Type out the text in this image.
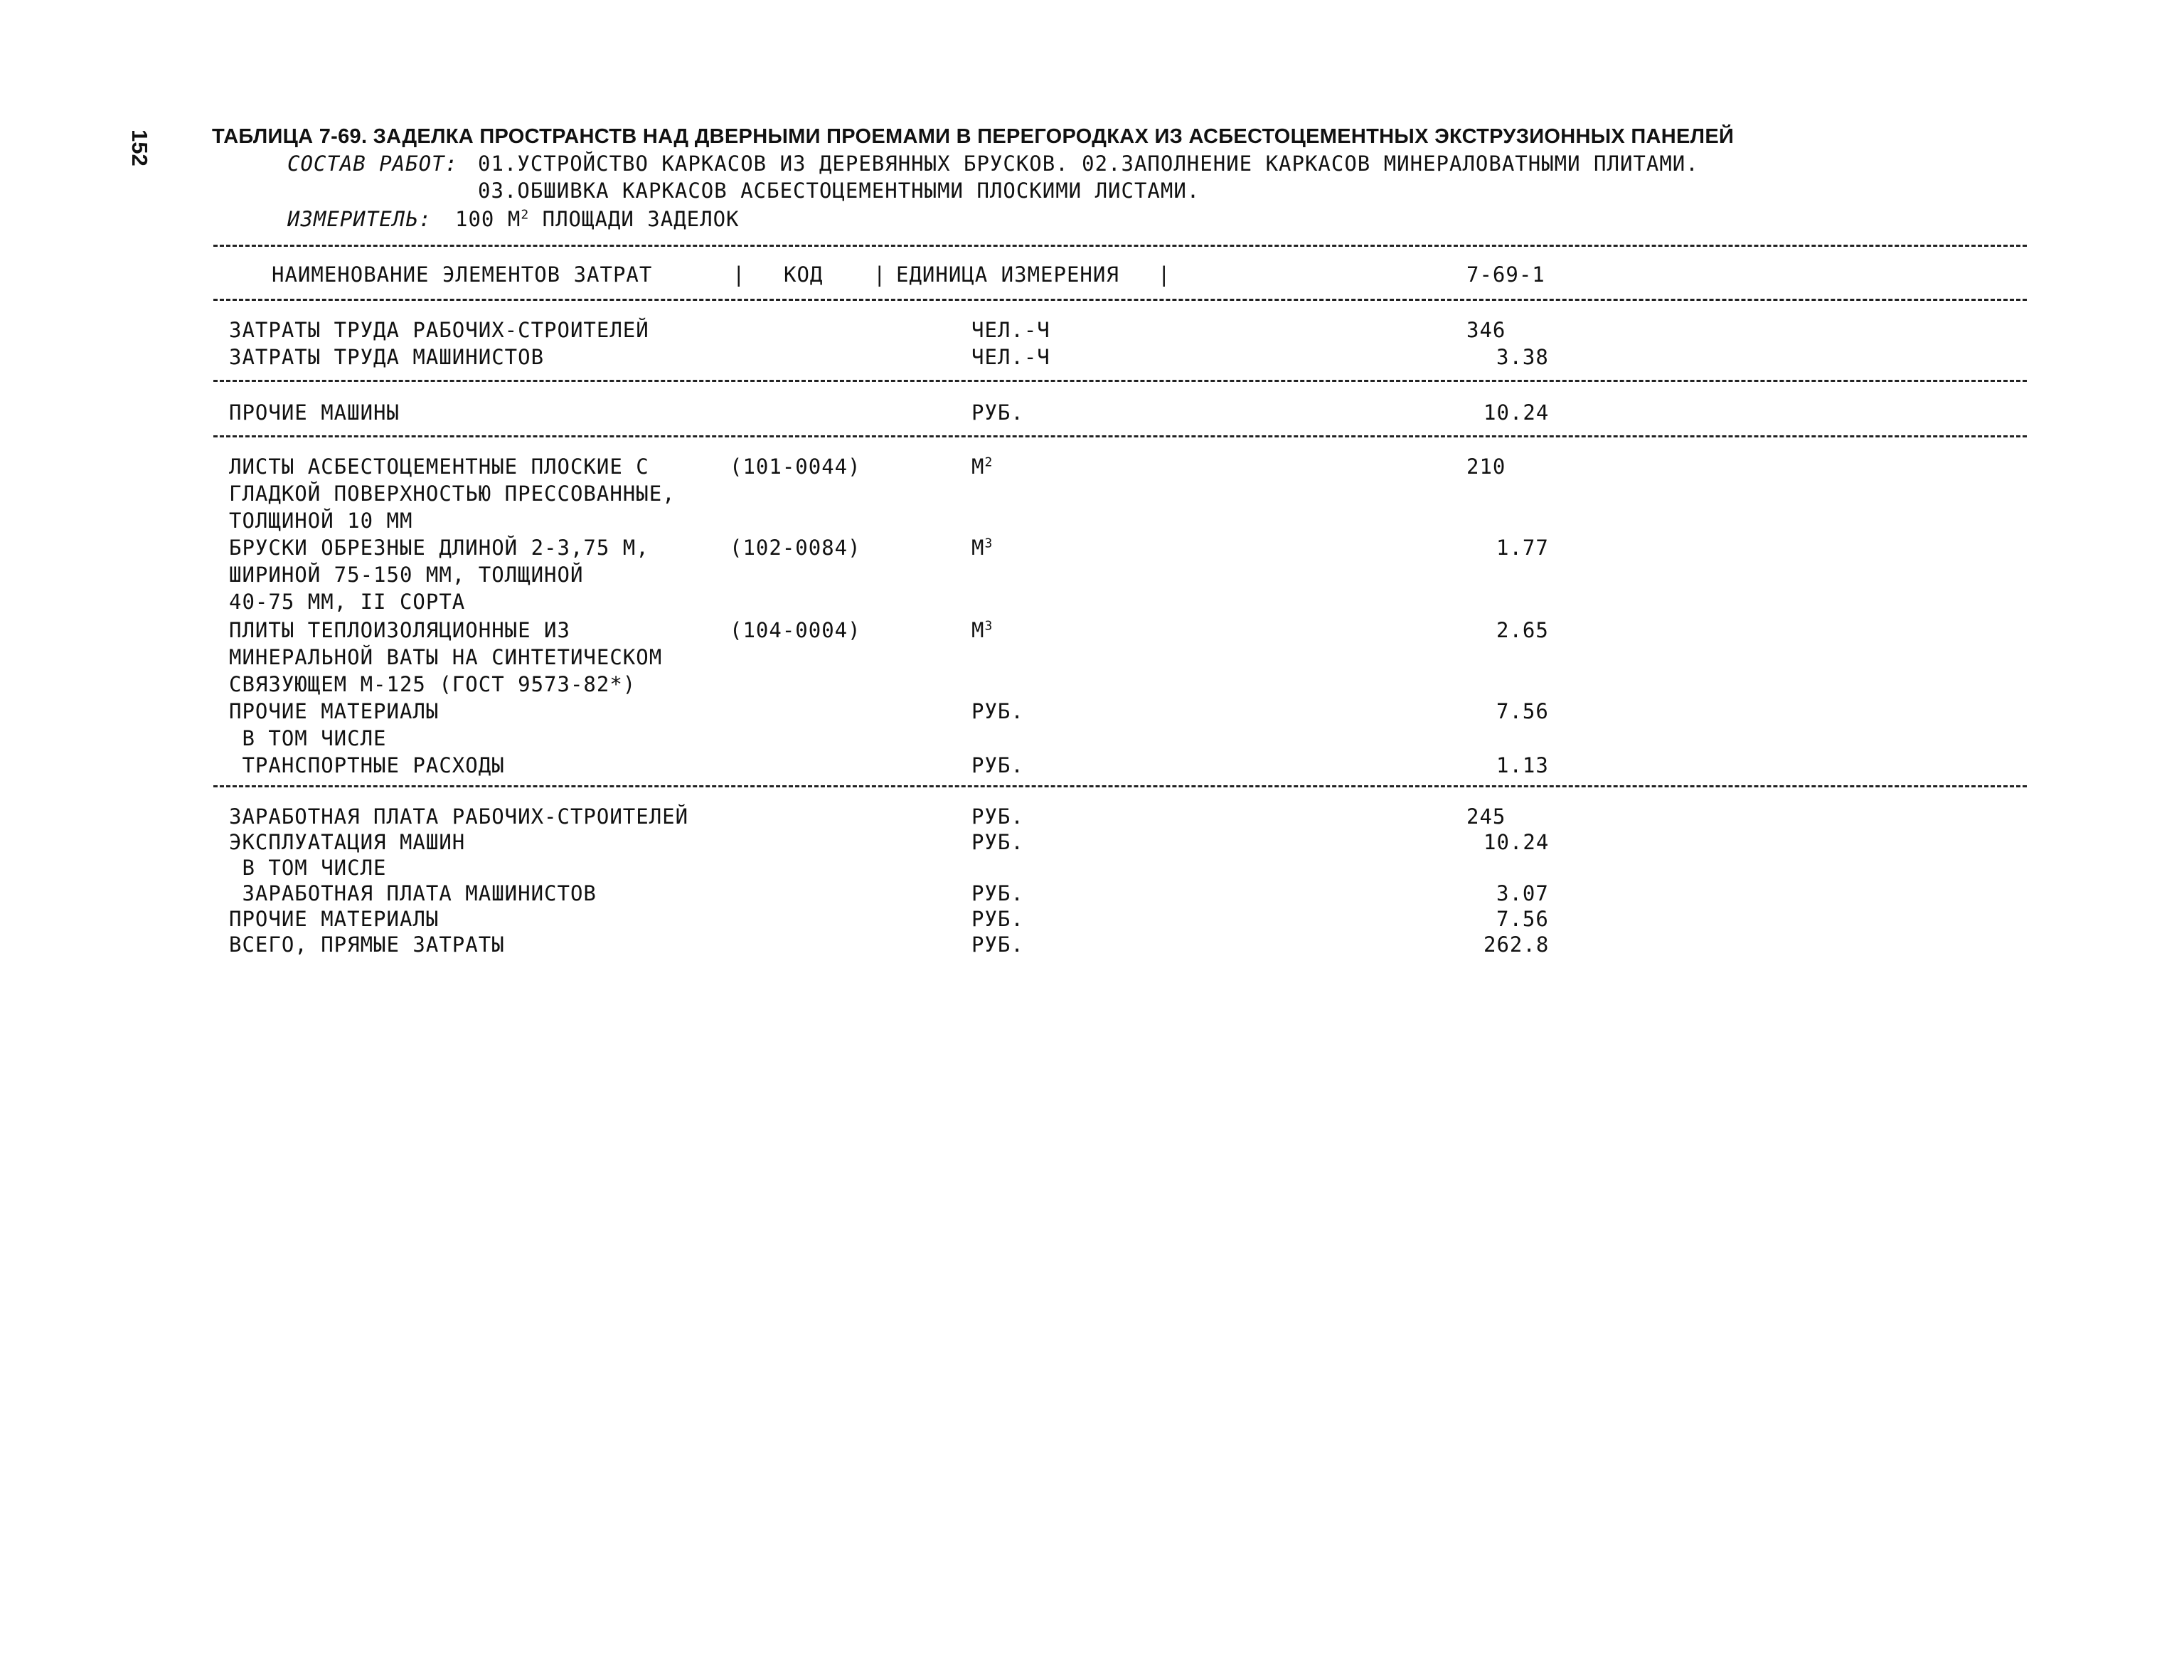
152	ТАБЛИЦА 7-69. ЗАДЕЛКА ПРОСТРАНСТВ НАД ДВЕРНЫМИ ПРОЕМАМИ В ПЕРЕГОРОДКАХ ИЗ АСБЕСТОЦЕМЕНТНЫХ ЭКСТРУЗИОННЫХ ПАНЕЛЕЙ
СОСТАВ РАБОТ: 01.УСТРОЙСТВО КАРКАСОВ ИЗ ДЕРЕВЯННЫХ БРУСКОВ. 02.ЗАПОЛНЕНИЕ КАРКАСОВ МИНЕРАЛОВАТНЫМИ ПЛИТАМИ.
03.ОБШИВКА КАРКАСОВ АСБЕСТОЦЕМЕНТНЫМИ ПЛОСКИМИ ЛИСТАМИ.
ИЗМЕРИТЕЛЬ: 100 $М^2$ ПЛОЩАДИ ЗАДЕЛОК
НАИМЕНОВАНИЕ ЭЛЕМЕНТОВ ЗАТРАТ	| КОД | ЕДИНИЦА ИЗМЕРЕНИЯ |	7-69-1
ЗАТРАТЫ ТРУДА РАБОЧИХ-СТРОИТЕЛЕЙ	ЧЕЛ.-Ч	346
ЗАТРАТЫ ТРУДА МАШИНИСТОВ	ЧЕЛ.-Ч	3.38
ПРОЧИЕ МАШИНЫ	РУБ.	10.24
ЛИСТЫ АСБЕСТОЦЕМЕНТНЫЕ ПЛОСКИЕ С
ГЛАДКОЙ ПОВЕРХНОСТЬЮ ПРЕССОВАННЫЕ,
ТОЛЩИНОЙ 10 ММ
(101-0044)	$М^2$	210
БРУСКИ ОБРЕЗНЫЕ ДЛИНОЙ 2-3,75 М,
ШИРИНОЙ 75-150 ММ, ТОЛЩИНОЙ
40-75 ММ, II СОРТА
(102-0084)	$М^3$	1.77
ПЛИТЫ ТЕПЛОИЗОЛЯЦИОННЫЕ ИЗ
МИНЕРАЛЬНОЙ ВАТЫ НА СИНТЕТИЧЕСКОМ
СВЯЗУЮЩЕМ М-125 (ГОСТ 9573-82*)
(104-0004)	$М^3$	2.65
ПРОЧИЕ МАТЕРИАЛЫ	РУБ.	7.56
В ТОМ ЧИСЛЕ
ТРАНСПОРТНЫЕ РАСХОДЫ	РУБ.	1.13
ЗАРАБОТНАЯ ПЛАТА РАБОЧИХ-СТРОИТЕЛЕЙ	РУБ.	245
ЭКСПЛУАТАЦИЯ МАШИН	РУБ.	10.24
В ТОМ ЧИСЛЕ
ЗАРАБОТНАЯ ПЛАТА МАШИНИСТОВ	РУБ.	3.07
ПРОЧИЕ МАТЕРИАЛЫ	РУБ.	7.56
ВСЕГО, ПРЯМЫЕ ЗАТРАТЫ	РУБ.	262.8
